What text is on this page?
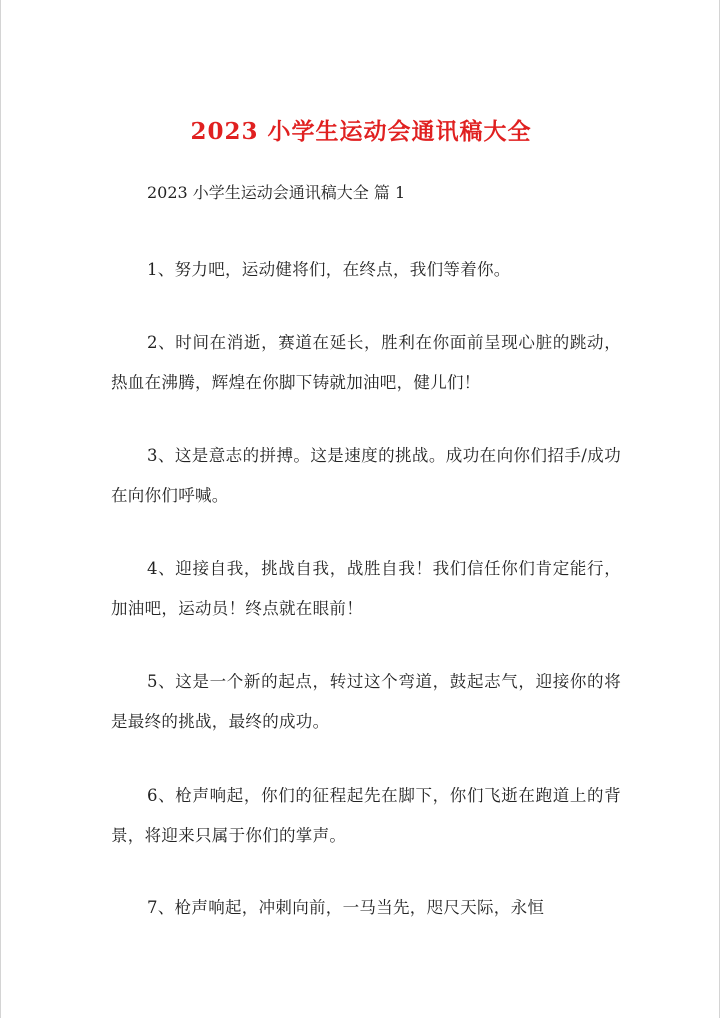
2023 小学生运动会通讯稿大全

2023 小学生运动会通讯稿大全 篇 1

1、努力吧，运动健将们，在终点，我们等着你。

2、时间在消逝，赛道在延长，胜利在你面前呈现心脏的跳动，热血在沸腾，辉煌在你脚下铸就加油吧，健儿们！

3、这是意志的拼搏。这是速度的挑战。成功在向你们招手/成功在向你们呼喊。

4、迎接自我，挑战自我，战胜自我！我们信任你们肯定能行，加油吧，运动员！终点就在眼前！

5、这是一个新的起点，转过这个弯道，鼓起志气，迎接你的将是最终的挑战，最终的成功。

6、枪声响起，你们的征程起先在脚下，你们飞逝在跑道上的背景，将迎来只属于你们的掌声。

7、枪声响起，冲刺向前，一马当先，咫尺天际，永恒
